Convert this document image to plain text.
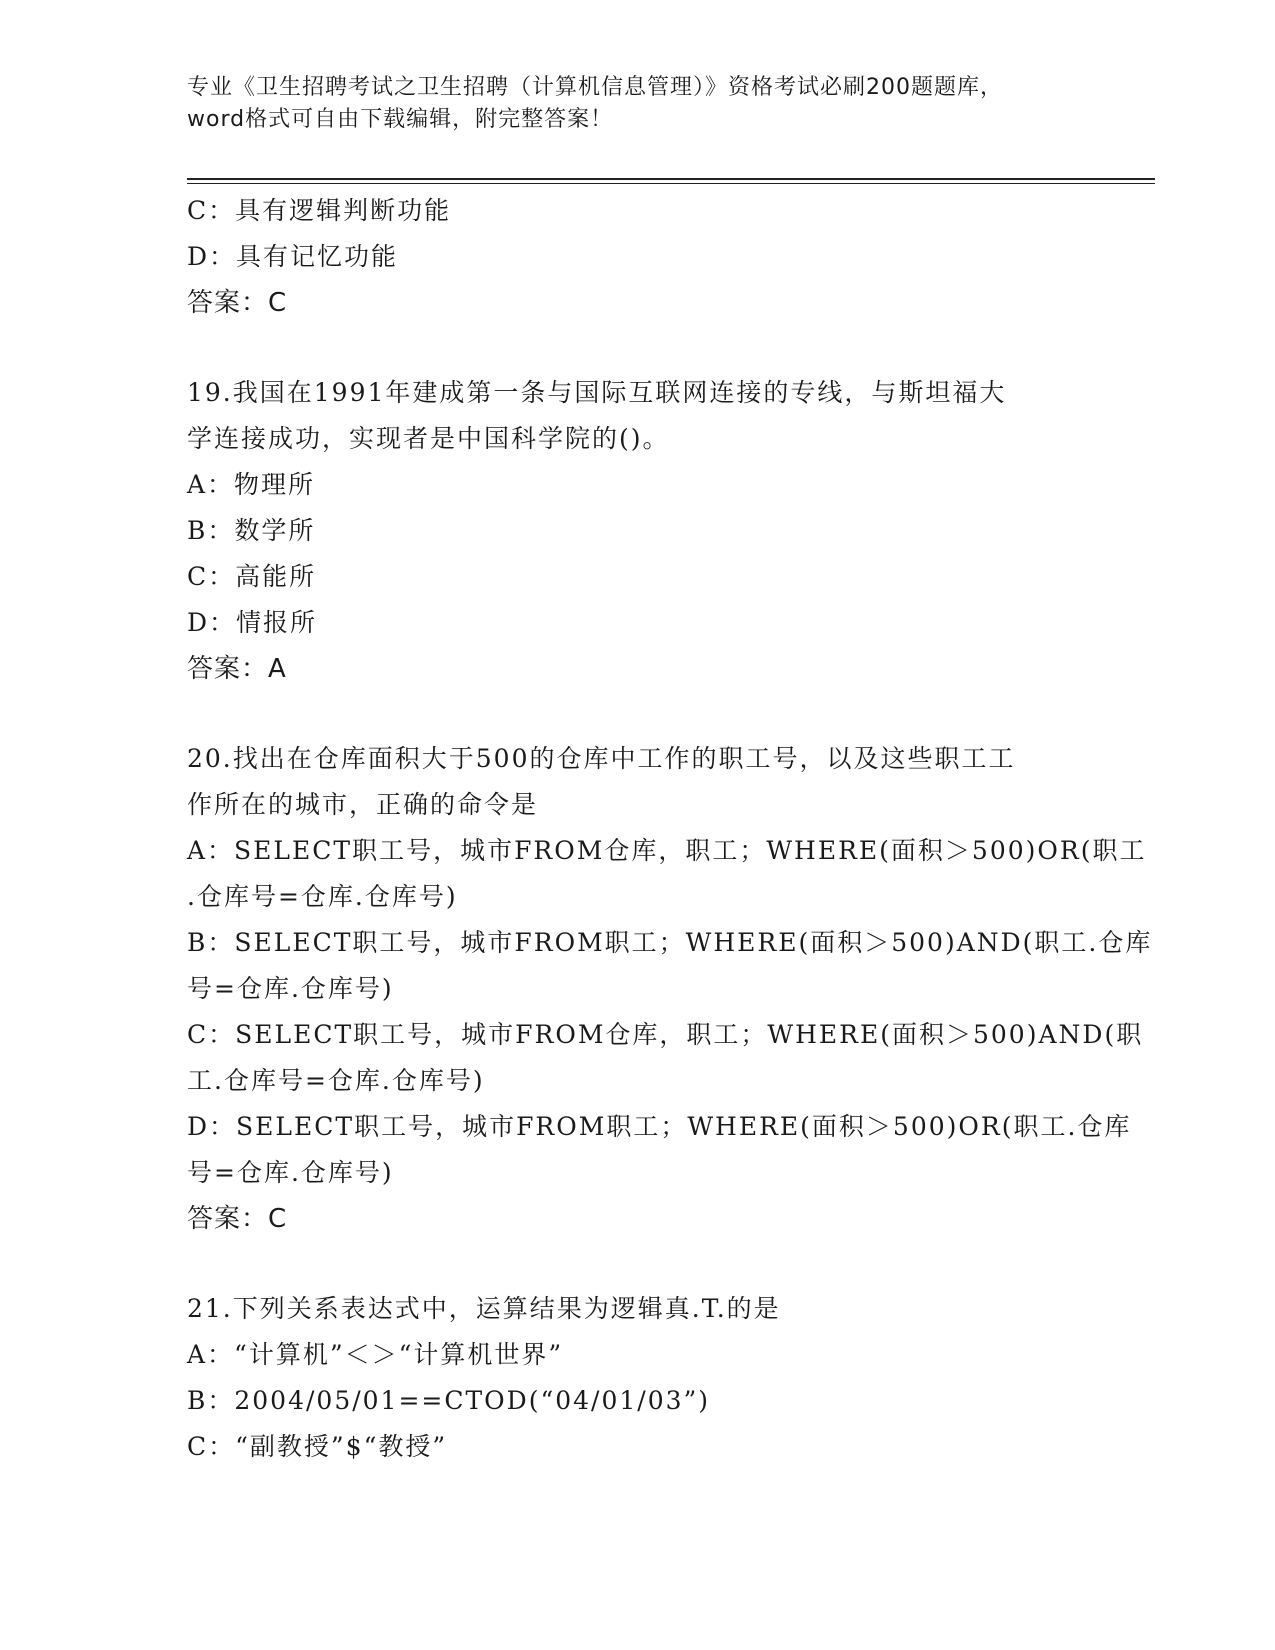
专业《卫生招聘考试之卫生招聘（计算机信息管理）》资格考试必刷200题题库，
word格式可自由下载编辑，附完整答案！
C：具有逻辑判断功能
D：具有记忆功能
答案：C
19.我国在1991年建成第一条与国际互联网连接的专线，与斯坦福大
学连接成功，实现者是中国科学院的()。
A：物理所
B：数学所
C：高能所
D：情报所
答案：A
20.找出在仓库面积大于500的仓库中工作的职工号，以及这些职工工
作所在的城市，正确的命令是
A：SELECT职工号，城市FROM仓库，职工；WHERE(面积＞500)OR(职工
.仓库号=仓库.仓库号)
B：SELECT职工号，城市FROM职工；WHERE(面积＞500)AND(职工.仓库
号=仓库.仓库号)
C：SELECT职工号，城市FROM仓库，职工；WHERE(面积＞500)AND(职
工.仓库号=仓库.仓库号)
D：SELECT职工号，城市FROM职工；WHERE(面积＞500)OR(职工.仓库
号=仓库.仓库号)
答案：C
21.下列关系表达式中，运算结果为逻辑真.T.的是
A：“计算机”＜＞“计算机世界”
B：2004/05/01==CTOD(“04/01/03”)
C：“副教授”$“教授”
